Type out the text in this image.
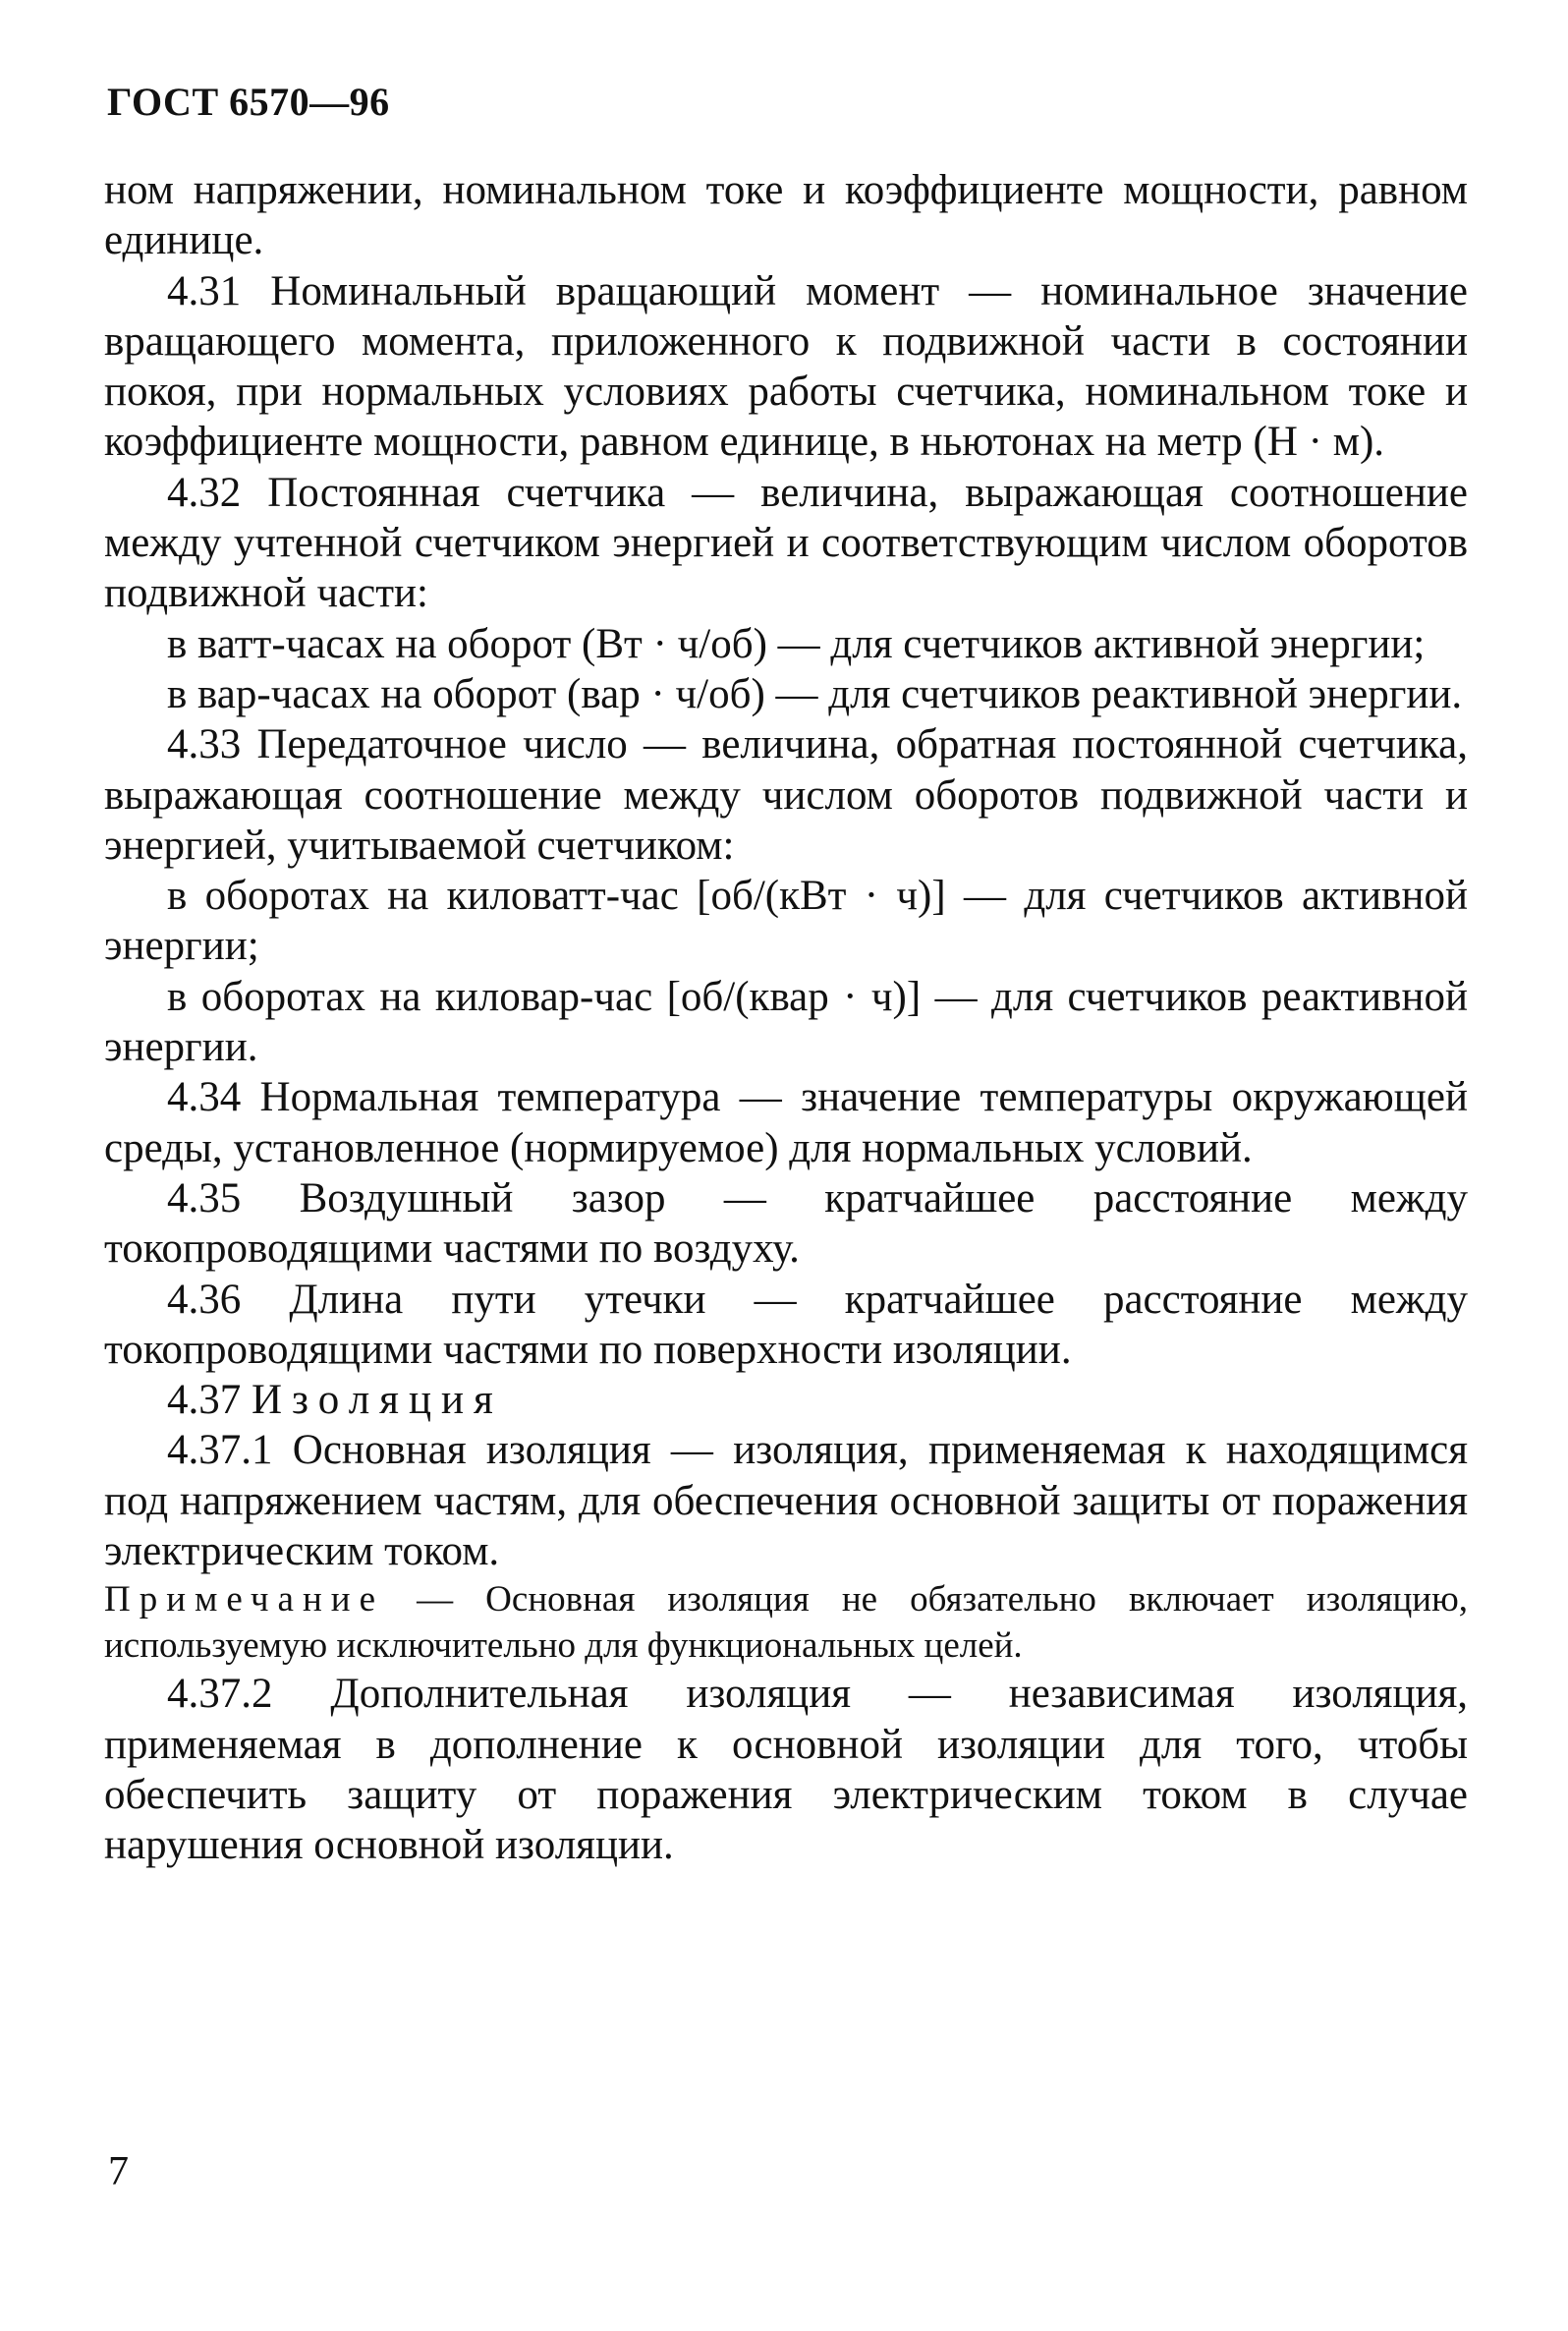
ГОСТ 6570—96

ном напряжении, номинальном токе и коэффициенте мощности, равном единице.

4.31 Номинальный вращающий момент — номинальное значение вращающего момента, приложенного к подвижной части в состоянии покоя, при нормальных условиях работы счетчика, номинальном токе и коэффициенте мощности, равном единице, в ньютонах на метр (Н · м).

4.32 Постоянная счетчика — величина, выражающая соотношение между учтенной счетчиком энергией и соответствующим числом оборотов подвижной части:

в ватт-часах на оборот (Вт · ч/об) — для счетчиков активной энергии;

в вар-часах на оборот (вар · ч/об) — для счетчиков реактивной энергии.

4.33 Передаточное число — величина, обратная постоянной счетчика, выражающая соотношение между числом оборотов подвижной части и энергией, учитываемой счетчиком:

в оборотах на киловатт-час [об/(кВт · ч)] — для счетчиков активной энергии;

в оборотах на киловар-час [об/(квар · ч)] — для счетчиков реактивной энергии.

4.34 Нормальная температура — значение температуры окружающей среды, установленное (нормируемое) для нормальных условий.

4.35 Воздушный зазор — кратчайшее расстояние между токопроводящими частями по воздуху.

4.36 Длина пути утечки — кратчайшее расстояние между токопроводящими частями по поверхности изоляции.

4.37 Изоляция

4.37.1 Основная изоляция — изоляция, применяемая к находящимся под напряжением частям, для обеспечения основной защиты от поражения электрическим током.

Примечание — Основная изоляция не обязательно включает изоляцию, используемую исключительно для функциональных целей.

4.37.2 Дополнительная изоляция — независимая изоляция, применяемая в дополнение к основной изоляции для того, чтобы обеспечить защиту от поражения электрическим током в случае нарушения основной изоляции.

7
